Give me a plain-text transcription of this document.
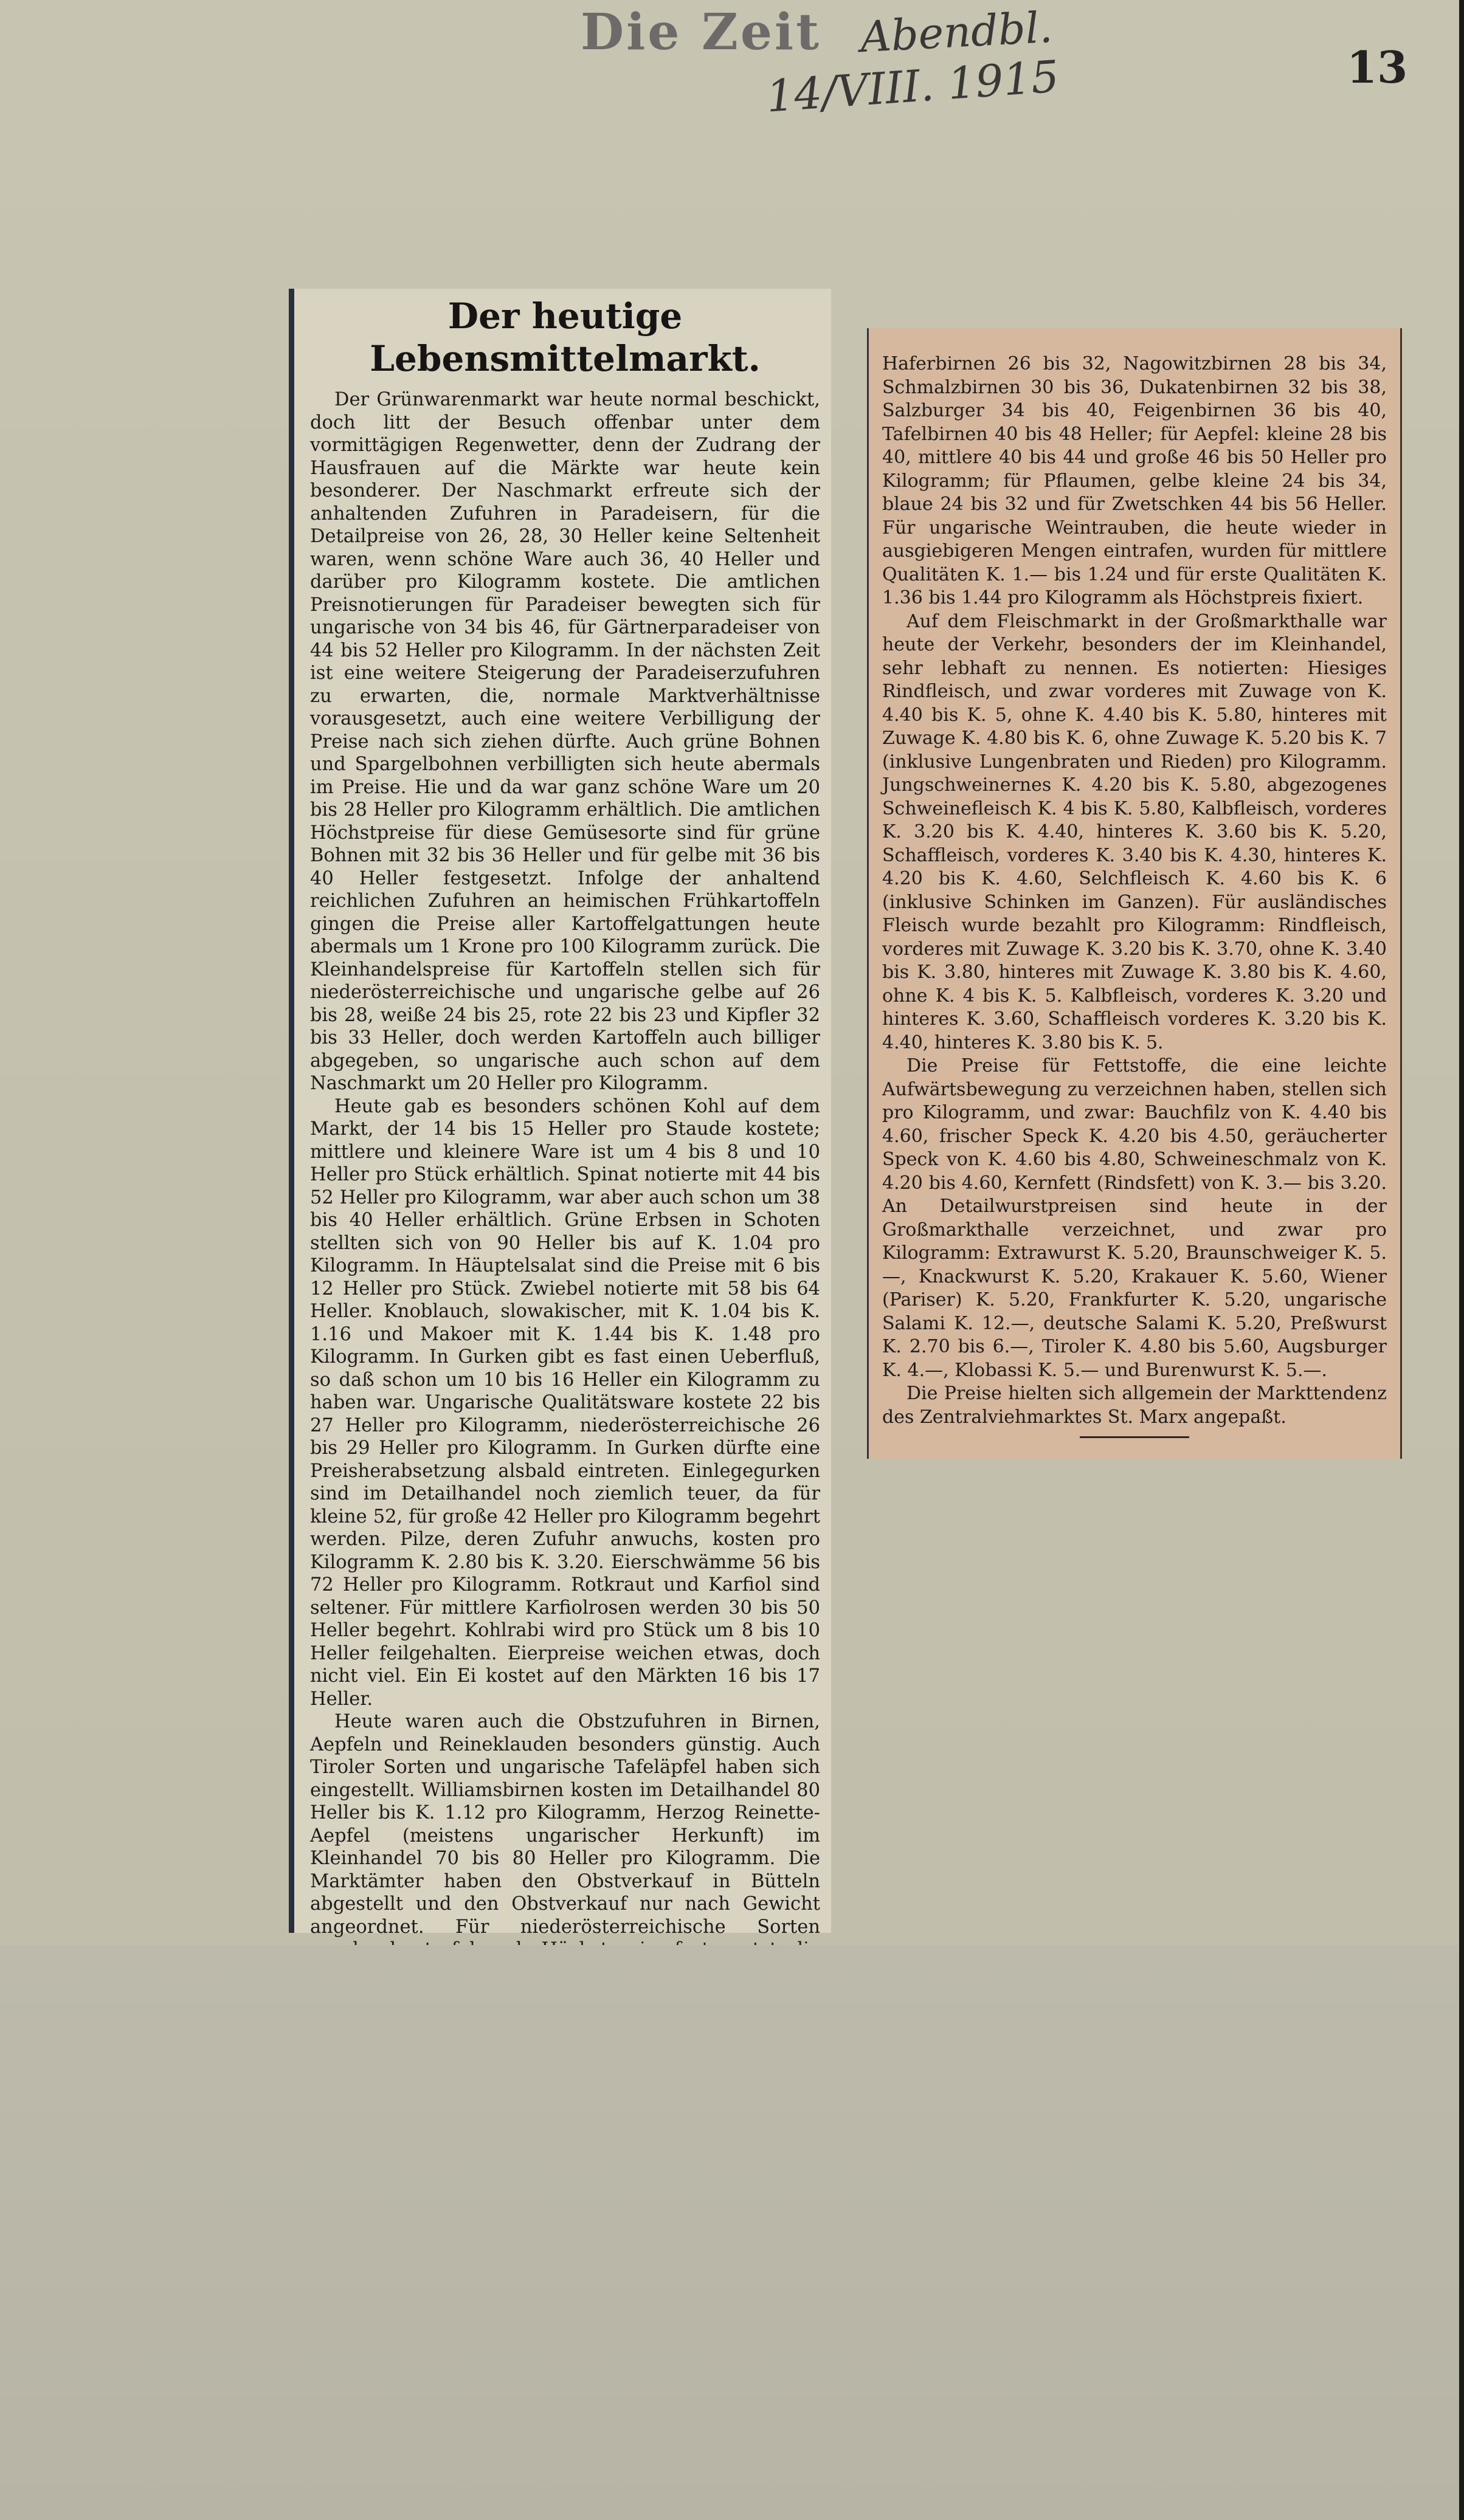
Die Zeit Abendbl.
14/VIII. 1915	13
Der heutige Lebensmittelmarkt.

Der Grünwarenmarkt war heute normal beschickt, doch litt der Besuch offenbar unter dem vormittägigen Regenwetter, denn der Zudrang der Hausfrauen auf die Märkte war heute kein besonderer. Der Naschmarkt erfreute sich der anhaltenden Zufuhren in Paradeisern, für die Detailpreise von 26, 28, 30 Heller keine Seltenheit waren, wenn schöne Ware auch 36, 40 Heller und darüber pro Kilogramm kostete. Die amtlichen Preisnotierungen für Paradeiser bewegten sich für ungarische von 34 bis 46, für Gärtnerparadeiser von 44 bis 52 Heller pro Kilogramm. In der nächsten Zeit ist eine weitere Steigerung der Paradeiserzufuhren zu erwarten, die, normale Marktverhältnisse vorausgesetzt, auch eine weitere Verbilligung der Preise nach sich ziehen dürfte. Auch grüne Bohnen und Spargelbohnen verbilligten sich heute abermals im Preise. Hie und da war ganz schöne Ware um 20 bis 28 Heller pro Kilogramm erhältlich. Die amtlichen Höchstpreise für diese Gemüsesorte sind für grüne Bohnen mit 32 bis 36 Heller und für gelbe mit 36 bis 40 Heller festgesetzt. Infolge der anhaltend reichlichen Zufuhren an heimischen Frühkartoffeln gingen die Preise aller Kartoffelgattungen heute abermals um 1 Krone pro 100 Kilogramm zurück. Die Kleinhandelspreise für Kartoffeln stellen sich für niederösterreichische und ungarische gelbe auf 26 bis 28, weiße 24 bis 25, rote 22 bis 23 und Kipfler 32 bis 33 Heller, doch werden Kartoffeln auch billiger abgegeben, so ungarische auch schon auf dem Naschmarkt um 20 Heller pro Kilogramm.

Heute gab es besonders schönen Kohl auf dem Markt, der 14 bis 15 Heller pro Staude kostete; mittlere und kleinere Ware ist um 4 bis 8 und 10 Heller pro Stück erhältlich. Spinat notierte mit 44 bis 52 Heller pro Kilogramm, war aber auch schon um 38 bis 40 Heller erhältlich. Grüne Erbsen in Schoten stellten sich von 90 Heller bis auf K. 1.04 pro Kilogramm. In Häuptelsalat sind die Preise mit 6 bis 12 Heller pro Stück. Zwiebel notierte mit 58 bis 64 Heller. Knoblauch, slowakischer, mit K. 1.04 bis K. 1.16 und Makoer mit K. 1.44 bis K. 1.48 pro Kilogramm. In Gurken gibt es fast einen Ueberfluß, so daß schon um 10 bis 16 Heller ein Kilogramm zu haben war. Ungarische Qualitätsware kostete 22 bis 27 Heller pro Kilogramm, niederösterreichische 26 bis 29 Heller pro Kilogramm. In Gurken dürfte eine Preisherabsetzung alsbald eintreten. Einlegegurken sind im Detailhandel noch ziemlich teuer, da für kleine 52, für große 42 Heller pro Kilogramm begehrt werden. Pilze, deren Zufuhr anwuchs, kosten pro Kilogramm K. 2.80 bis K. 3.20. Eierschwämme 56 bis 72 Heller pro Kilogramm. Rotkraut und Karfiol sind seltener. Für mittlere Karfiolrosen werden 30 bis 50 Heller begehrt. Kohlrabi wird pro Stück um 8 bis 10 Heller feilgehalten. Eierpreise weichen etwas, doch nicht viel. Ein Ei kostet auf den Märkten 16 bis 17 Heller.

Heute waren auch die Obstzufuhren in Birnen, Aepfeln und Reineklauden besonders günstig. Auch Tiroler Sorten und ungarische Tafeläpfel haben sich eingestellt. Williamsbirnen kosten im Detailhandel 80 Heller bis K. 1.12 pro Kilogramm, Herzog Reinette-Aepfel (meistens ungarischer Herkunft) im Kleinhandel 70 bis 80 Heller pro Kilogramm. Die Marktämter haben den Obstverkauf in Bütteln abgestellt und den Obstverkauf nur nach Gewicht angeordnet. Für niederösterreichische Sorten

Haferbirnen 26 bis 32, Nagowitzbirnen 28 bis 34, Schmalzbirnen 30 bis 36, Dukatenbirnen 32 bis 38, Salzburger 34 bis 40, Feigenbirnen 36 bis 40, Tafelbirnen 40 bis 48 Heller; für Aepfel: kleine 28 bis 40, mittlere 40 bis 44 und große 46 bis 50 Heller pro Kilogramm; für Pflaumen, gelbe kleine 24 bis 34, blaue 24 bis 32 und für Zwetschken 44 bis 56 Heller. Für ungarische Weintrauben, die heute wieder in ausgiebigeren Mengen eintrafen, wurden für mittlere Qualitäten K. 1.— bis 1.24 und für erste Qualitäten K. 1.36 bis 1.44 pro Kilogramm als Höchstpreis fixiert.

Auf dem Fleischmarkt in der Großmarkthalle war heute der Verkehr, besonders der im Kleinhandel, sehr lebhaft zu nennen. Es notierten: Hiesiges Rindfleisch, und zwar vorderes mit Zuwage von K. 4.40 bis K. 5, ohne K. 4.40 bis K. 5.80, hinteres mit Zuwage K. 4.80 bis K. 6, ohne Zuwage K. 5.20 bis K. 7 (inklusive Lungenbraten und Rieden) pro Kilogramm. Jungschweinernes K. 4.20 bis K. 5.80, abgezogenes Schweinefleisch K. 4 bis K. 5.80, Kalbfleisch, vorderes K. 3.20 bis K. 4.40, hinteres K. 3.60 bis K. 5.20, Schaffleisch, vorderes K. 3.40 bis K. 4.30, hinteres K. 4.20 bis K. 4.60, Selchfleisch K. 4.60 bis K. 6 (inklusive Schinken im Ganzen). Für ausländisches Fleisch wurde bezahlt pro Kilogramm: Rindfleisch, vorderes mit Zuwage K. 3.20 bis K. 3.70, ohne K. 3.40 bis K. 3.80, hinteres mit Zuwage K. 3.80 bis K. 4.60, ohne K. 4 bis K. 5. Kalbfleisch, vorderes K. 3.20 und hinteres K. 3.60, Schaffleisch vorderes K. 3.20 bis K. 4.40, hinteres K. 3.80 bis K. 5.

Die Preise für Fettstoffe, die eine leichte Aufwärtsbewegung zu verzeichnen haben, stellen sich pro Kilogramm, und zwar: Bauchfilz von K. 4.40 bis 4.60, frischer Speck K. 4.20 bis 4.50, geräucherter Speck von K. 4.60 bis 4.80, Schweineschmalz von K. 4.20 bis 4.60, Kernfett (Rindsfett) von K. 3.— bis 3.20. An Detailwurstpreisen sind heute in der Großmarkthalle verzeichnet, und zwar pro Kilogramm: Extrawurst K. 5.20, Braunschweiger K. 5.—, Knackwurst K. 5.20, Krakauer K. 5.60, Wiener (Pariser) K. 5.20, Frankfurter K. 5.20, ungarische Salami K. 12.—, deutsche Salami K. 5.20, Preßwurst K. 2.70 bis 6.—, Tiroler K. 4.80 bis 5.60, Augsburger K. 4.—, Klobassi K. 5.— und Burenwurst K. 5.—.

Die Preise hielten sich allgemein der Markttendenz des Zentralviehmarktes St. Marx angepaßt.
